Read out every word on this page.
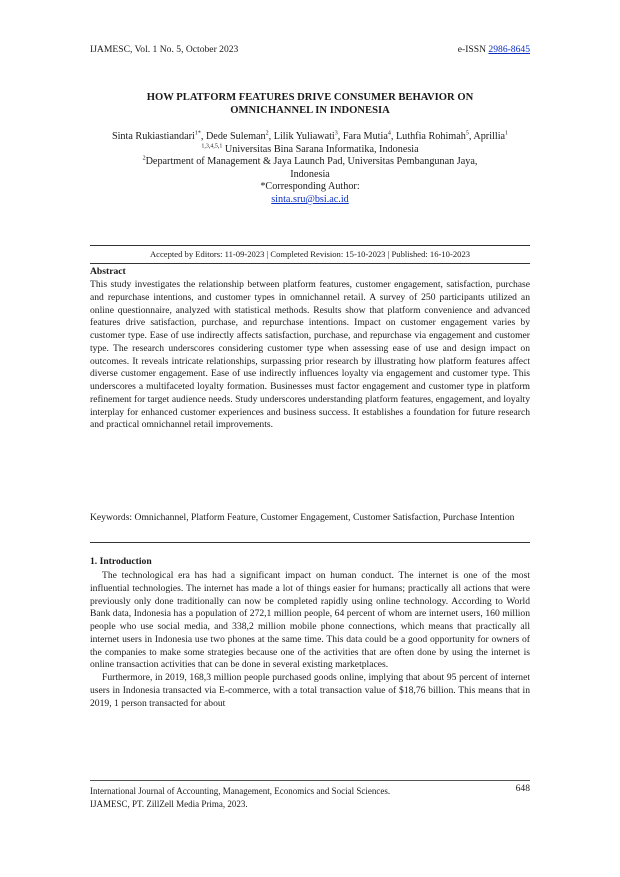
IJAMESC, Vol. 1 No. 5, October 2023	e-ISSN 2986-8645
HOW PLATFORM FEATURES DRIVE CONSUMER BEHAVIOR ON
OMNICHANNEL IN INDONESIA
Sinta Rukiastiandari$^{1*}$, Dede Suleman$^2$, Lilik Yuliawati$^3$, Fara Mutia$^4$, Luthfia Rohimah$^5$, Aprillia$^1$
$^{1,3,4,5,1}$ Universitas Bina Sarana Informatika, Indonesia
$^2$Department of Management & Jaya Launch Pad, Universitas Pembangunan Jaya,
Indonesia
*Corresponding Author:
sinta.sru@bsi.ac.id
Accepted by Editors: 11-09-2023 | Completed Revision: 15-10-2023 | Published: 16-10-2023
Abstract
This study investigates the relationship between platform features, customer engagement, satisfaction, purchase and repurchase intentions, and customer types in omnichannel retail. A survey of 250 participants utilized an online questionnaire, analyzed with statistical methods. Results show that platform convenience and advanced features drive satisfaction, purchase, and repurchase intentions. Impact on customer engagement varies by customer type. Ease of use indirectly affects satisfaction, purchase, and repurchase via engagement and customer type. The research underscores considering customer type when assessing ease of use and design impact on outcomes. It reveals intricate relationships, surpassing prior research by illustrating how platform features affect diverse customer engagement. Ease of use indirectly influences loyalty via engagement and customer type. This underscores a multifaceted loyalty formation. Businesses must factor engagement and customer type in platform refinement for target audience needs. Study underscores understanding platform features, engagement, and loyalty interplay for enhanced customer experiences and business success. It establishes a foundation for future research and practical omnichannel retail improvements.
Keywords: Omnichannel, Platform Feature, Customer Engagement, Customer Satisfaction, Purchase Intention
1. Introduction

The technological era has had a significant impact on human conduct. The internet is one of the most influential technologies. The internet has made a lot of things easier for humans; practically all actions that were previously only done traditionally can now be completed rapidly using online technology. According to World Bank data, Indonesia has a population of 272,1 million people, 64 percent of whom are internet users, 160 million people who use social media, and 338,2 million mobile phone connections, which means that practically all internet users in Indonesia use two phones at the same time. This data could be a good opportunity for owners of the companies to make some strategies because one of the activities that are often done by using the internet is online transaction activities that can be done in several existing marketplaces.

Furthermore, in 2019, 168,3 million people purchased goods online, implying that about 95 percent of internet users in Indonesia transacted via E-commerce, with a total transaction value of $18,76 billion. This means that in 2019, 1 person transacted for about

International Journal of Accounting, Management, Economics and Social Sciences.
IJAMESC, PT. ZillZell Media Prima, 2023.
648
